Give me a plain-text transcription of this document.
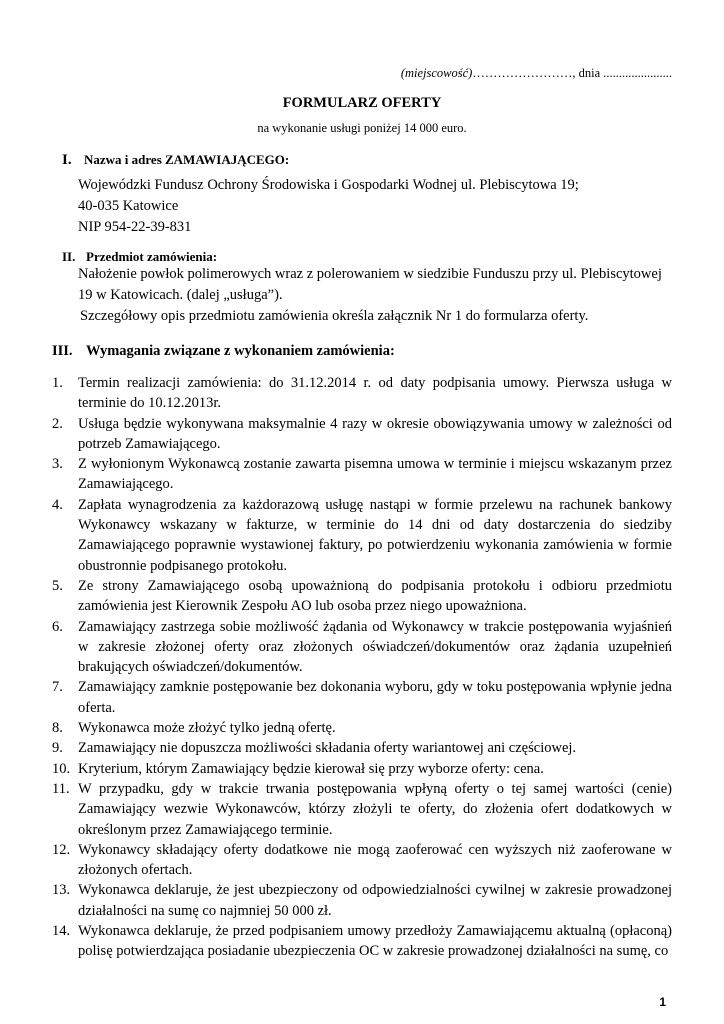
(miejscowość)……………………, dnia ......................
FORMULARZ OFERTY
na wykonanie usługi poniżej 14 000 euro.
I. Nazwa i adres ZAMAWIAJĄCEGO:

Wojewódzki Fundusz Ochrony Środowiska i Gospodarki Wodnej ul. Plebiscytowa 19;

40-035 Katowice

NIP 954-22-39-831

II. Przedmiot zamówienia:

Nałożenie powłok polimerowych wraz z polerowaniem w siedzibie Funduszu przy ul. Plebiscytowej 19 w Katowicach. (dalej „usługa”).

Szczegółowy opis przedmiotu zamówienia określa załącznik Nr 1 do formularza oferty.

III. Wymagania związane z wykonaniem zamówienia:
1. Termin realizacji zamówienia: do 31.12.2014 r. od daty podpisania umowy. Pierwsza usługa w terminie do 10.12.2013r.
2. Usługa będzie wykonywana maksymalnie 4 razy w okresie obowiązywania umowy w zależności od potrzeb Zamawiającego.
3. Z wyłonionym Wykonawcą zostanie zawarta pisemna umowa w terminie i miejscu wskazanym przez Zamawiającego.
4. Zapłata wynagrodzenia za każdorazową usługę nastąpi w formie przelewu na rachunek bankowy Wykonawcy wskazany w fakturze, w terminie do 14 dni od daty dostarczenia do siedziby Zamawiającego poprawnie wystawionej faktury, po potwierdzeniu wykonania zamówienia w formie obustronnie podpisanego protokołu.
5. Ze strony Zamawiającego osobą upoważnioną do podpisania protokołu i odbioru przedmiotu zamówienia jest Kierownik Zespołu AO lub osoba przez niego upoważniona.
6. Zamawiający zastrzega sobie możliwość żądania od Wykonawcy w trakcie postępowania wyjaśnień w zakresie złożonej oferty oraz złożonych oświadczeń/dokumentów oraz żądania uzupełnień brakujących oświadczeń/dokumentów.
7. Zamawiający zamknie postępowanie bez dokonania wyboru, gdy w toku postępowania wpłynie jedna oferta.
8. Wykonawca może złożyć tylko jedną ofertę.
9. Zamawiający nie dopuszcza możliwości składania oferty wariantowej ani częściowej.
10. Kryterium, którym Zamawiający będzie kierował się przy wyborze oferty: cena.
11. W przypadku, gdy w trakcie trwania postępowania wpłyną oferty o tej samej wartości (cenie) Zamawiający wezwie Wykonawców, którzy złożyli te oferty, do złożenia ofert dodatkowych w określonym przez Zamawiającego terminie.
12. Wykonawcy składający oferty dodatkowe nie mogą zaoferować cen wyższych niż zaoferowane w złożonych ofertach.
13. Wykonawca deklaruje, że jest ubezpieczony od odpowiedzialności cywilnej w zakresie prowadzonej działalności na sumę co najmniej 50 000 zł.
14. Wykonawca deklaruje, że przed podpisaniem umowy przedłoży Zamawiającemu aktualną (opłaconą) polisę potwierdzająca posiadanie ubezpieczenia OC w zakresie prowadzonej działalności na sumę, co
1
